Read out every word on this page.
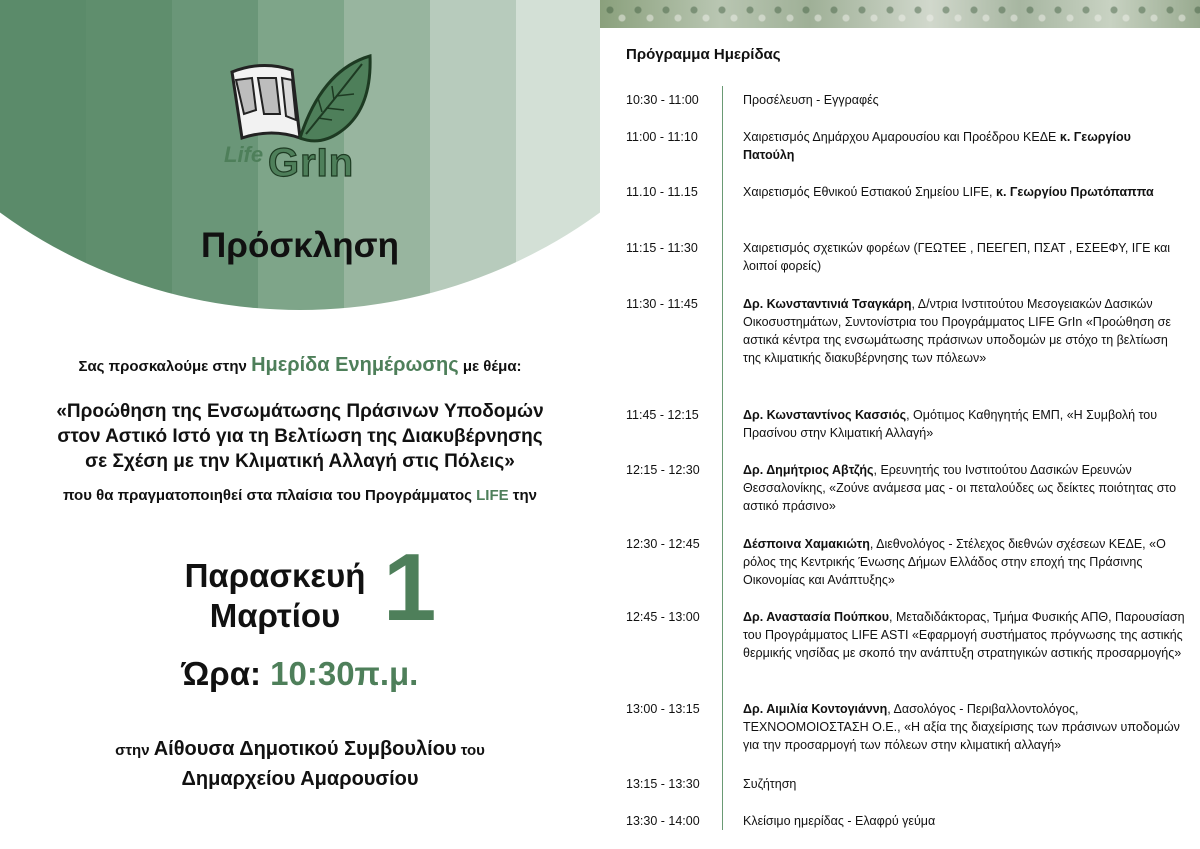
Life GrIn
Πρόσκληση
Σας προσκαλούμε στην Ημερίδα Ενημέρωσης με θέμα:
«Προώθηση της Ενσωμάτωσης Πράσινων Υποδομών
στον Αστικό Ιστό για τη Βελτίωση της Διακυβέρνησης
σε Σχέση με την Κλιματική Αλλαγή στις Πόλεις»
που θα πραγματοποιηθεί στα πλαίσια του Προγράμματος LIFE την
Παρασκευή
Μαρτίου 1
Ώρα: 10:30π.μ.
στην Αίθουσα Δημοτικού Συμβουλίου του
Δημαρχείου Αμαρουσίου
Πρόγραμμα Ημερίδας
10:30 - 11:00	Προσέλευση - Εγγραφές
11:00 - 11:10	Χαιρετισμός Δημάρχου Αμαρουσίου και Προέδρου ΚΕΔΕ κ. Γεωργίου Πατούλη
11.10 - 11.15	Χαιρετισμός Εθνικού Εστιακού Σημείου LIFE, κ. Γεωργίου Πρωτόπαππα
11:15 - 11:30	Χαιρετισμός σχετικών φορέων (ΓΕΩΤΕΕ , ΠΕΕΓΕΠ, ΠΣΑΤ , ΕΣΕΕΦΥ, ΙΓΕ και λοιποί φορείς)
11:30 - 11:45	Δρ. Κωνσταντινιά Τσαγκάρη, Δ/ντρια Ινστιτούτου Μεσογειακών Δασικών Οικοσυστημάτων, Συντονίστρια του Προγράμματος LIFE GrIn «Προώθηση σε αστικά κέντρα της ενσωμάτωσης πράσινων υποδομών με στόχο τη βελτίωση της κλιματικής διακυβέρνησης των πόλεων»
11:45 - 12:15	Δρ. Κωνσταντίνος Κασσιός, Ομότιμος Καθηγητής ΕΜΠ, «Η Συμβολή του Πρασίνου στην Κλιματική Αλλαγή»
12:15 - 12:30	Δρ. Δημήτριος Αβτζής, Ερευνητής του Ινστιτούτου Δασικών Ερευνών Θεσσαλονίκης, «Ζούνε ανάμεσα μας - οι πεταλούδες ως δείκτες ποιότητας στο αστικό πράσινο»
12:30 - 12:45	Δέσποινα Χαμακιώτη, Διεθνολόγος - Στέλεχος διεθνών σχέσεων ΚΕΔΕ, «Ο ρόλος της Κεντρικής Ένωσης Δήμων Ελλάδος στην εποχή της Πράσινης Οικονομίας και Ανάπτυξης»
12:45 - 13:00	Δρ. Αναστασία Πούπκου, Μεταδιδάκτορας, Τμήμα Φυσικής ΑΠΘ, Παρουσίαση του Προγράμματος LIFE ASTI «Εφαρμογή συστήματος πρόγνωσης της αστικής θερμικής νησίδας με σκοπό την ανάπτυξη στρατηγικών αστικής προσαρμογής»
13:00 - 13:15	Δρ. Αιμιλία Κοντογιάννη, Δασολόγος - Περιβαλλοντολόγος, ΤΕΧΝΟΟΜΟΙΟΣΤΑΣΗ Ο.Ε., «Η αξία της διαχείρισης των πράσινων υποδομών για την προσαρμογή των πόλεων στην κλιματική αλλαγή»
13:15 - 13:30	Συζήτηση
13:30 - 14:00	Κλείσιμο ημερίδας - Ελαφρύ γεύμα
